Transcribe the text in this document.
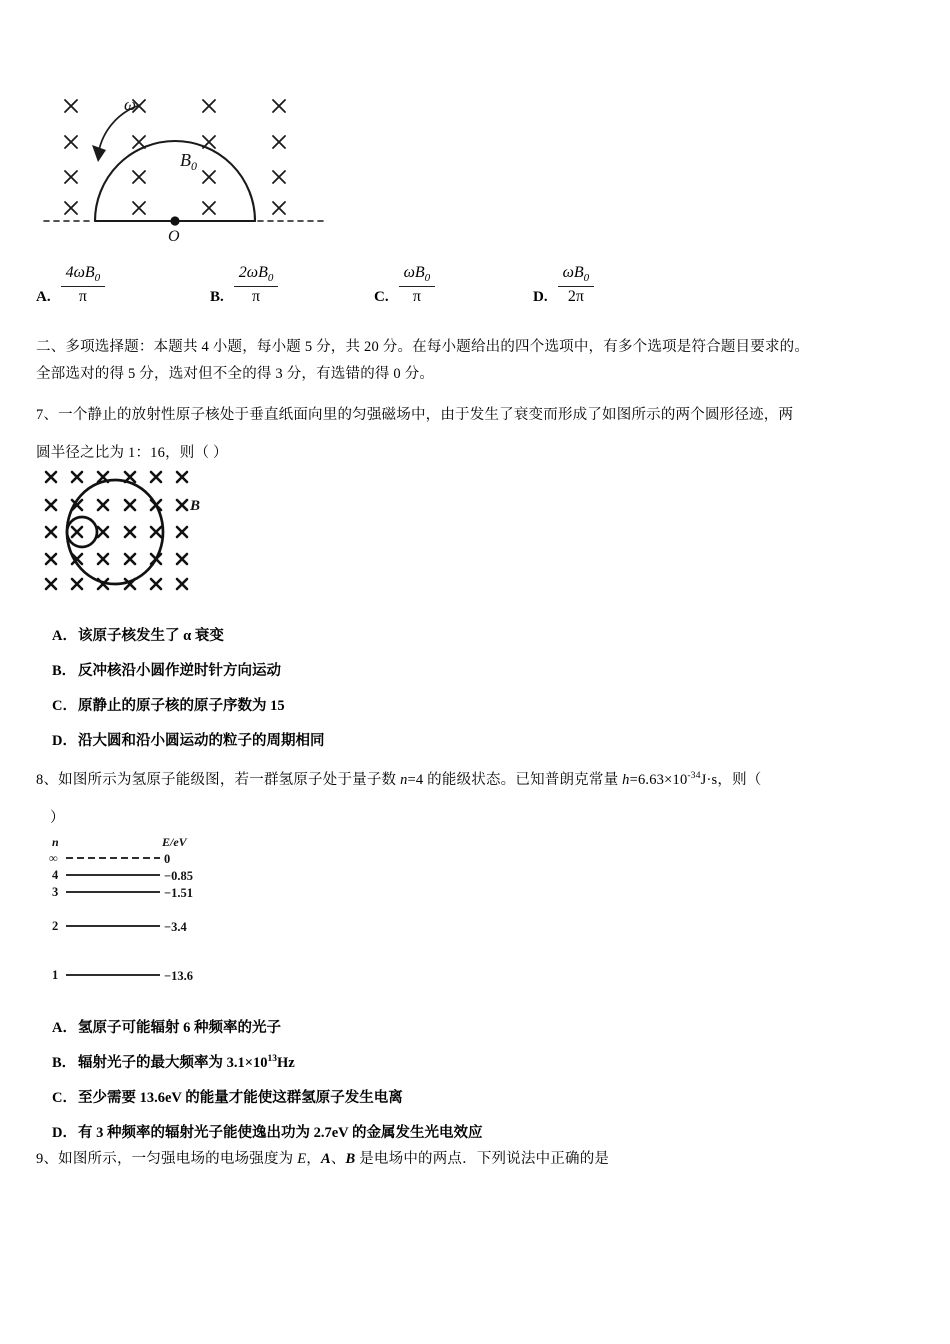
ω
$B_0$
O
A. $\frac{4\omega B_0}{\pi}$	B. $\frac{2\omega B_0}{\pi}$	C. $\frac{\omega B_0}{\pi}$	D. $\frac{\omega B_0}{2\pi}$
二、多项选择题：本题共 4 小题，每小题 5 分，共 20 分。在每小题给出的四个选项中，有多个选项是符合题目要求的。
全部选对的得 5 分，选对但不全的得 3 分，有选错的得 0 分。
7、一个静止的放射性原子核处于垂直纸面向里的匀强磁场中，由于发生了衰变而形成了如图所示的两个圆形径迹，两
圆半径之比为 1：16，则（ ）
B
A．该原子核发生了 α 衰变
B． 反冲核沿小圆作逆时针方向运动
C．原静止的原子核的原子序数为 15
D．沿大圆和沿小圆运动的粒子的周期相同
8、如图所示为氢原子能级图，若一群氢原子处于量子数 n=4 的能级状态。已知普朗克常量 $h=6.63\times 10^{-34}J\cdot s$，则（
）
n	E/eV
∞	0
4	−0.85
3	−1.51
2	−3.4
1	−13.6
A．氢原子可能辐射 6 种频率的光子
B． 辐射光子的最大频率为 $3.1\times 10^{13}Hz$
C．至少需要 13.6eV 的能量才能使这群氢原子发生电离
D．有 3 种频率的辐射光子能使逸出功为 2.7eV 的金属发生光电效应
9、如图所示，一匀强电场的电场强度为 E，A、B 是电场中的两点．下列说法中正确的是
